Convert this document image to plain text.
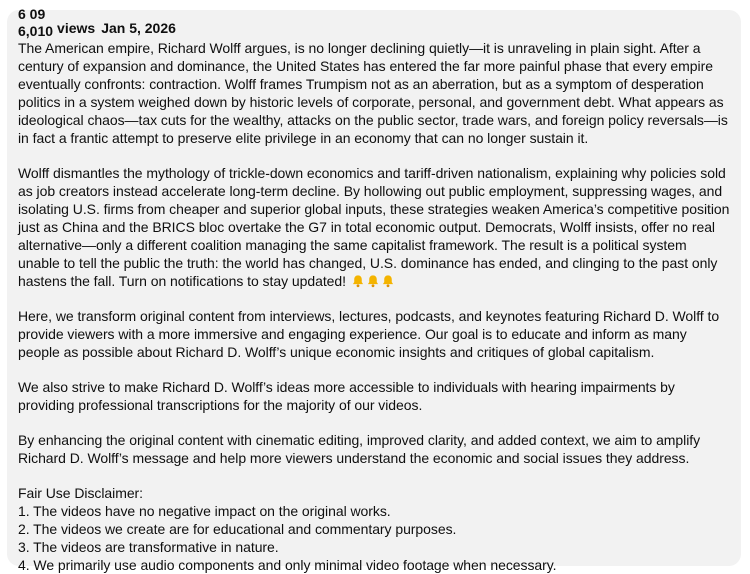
6 09
6,010 views Jan 5, 2026

The American empire, Richard Wolff argues, is no longer declining quietly—it is unraveling in plain sight. After a century of expansion and dominance, the United States has entered the far more painful phase that every empire eventually confronts: contraction. Wolff frames Trumpism not as an aberration, but as a symptom of desperation politics in a system weighed down by historic levels of corporate, personal, and government debt. What appears as ideological chaos—tax cuts for the wealthy, attacks on the public sector, trade wars, and foreign policy reversals—is in fact a frantic attempt to preserve elite privilege in an economy that can no longer sustain it.

Wolff dismantles the mythology of trickle-down economics and tariff-driven nationalism, explaining why policies sold as job creators instead accelerate long-term decline. By hollowing out public employment, suppressing wages, and isolating U.S. firms from cheaper and superior global inputs, these strategies weaken America’s competitive position just as China and the BRICS bloc overtake the G7 in total economic output. Democrats, Wolff insists, offer no real alternative—only a different coalition managing the same capitalist framework. The result is a political system unable to tell the public the truth: the world has changed, U.S. dominance has ended, and clinging to the past only hastens the fall. Turn on notifications to stay updated!

Here, we transform original content from interviews, lectures, podcasts, and keynotes featuring Richard D. Wolff to provide viewers with a more immersive and engaging experience. Our goal is to educate and inform as many people as possible about Richard D. Wolff’s unique economic insights and critiques of global capitalism.

We also strive to make Richard D. Wolff’s ideas more accessible to individuals with hearing impairments by providing professional transcriptions for the majority of our videos.

By enhancing the original content with cinematic editing, improved clarity, and added context, we aim to amplify Richard D. Wolff’s message and help more viewers understand the economic and social issues they address.

Fair Use Disclaimer:
1. The videos have no negative impact on the original works.
2. The videos we create are for educational and commentary purposes.
3. The videos are transformative in nature.
4. We primarily use audio components and only minimal video footage when necessary.
